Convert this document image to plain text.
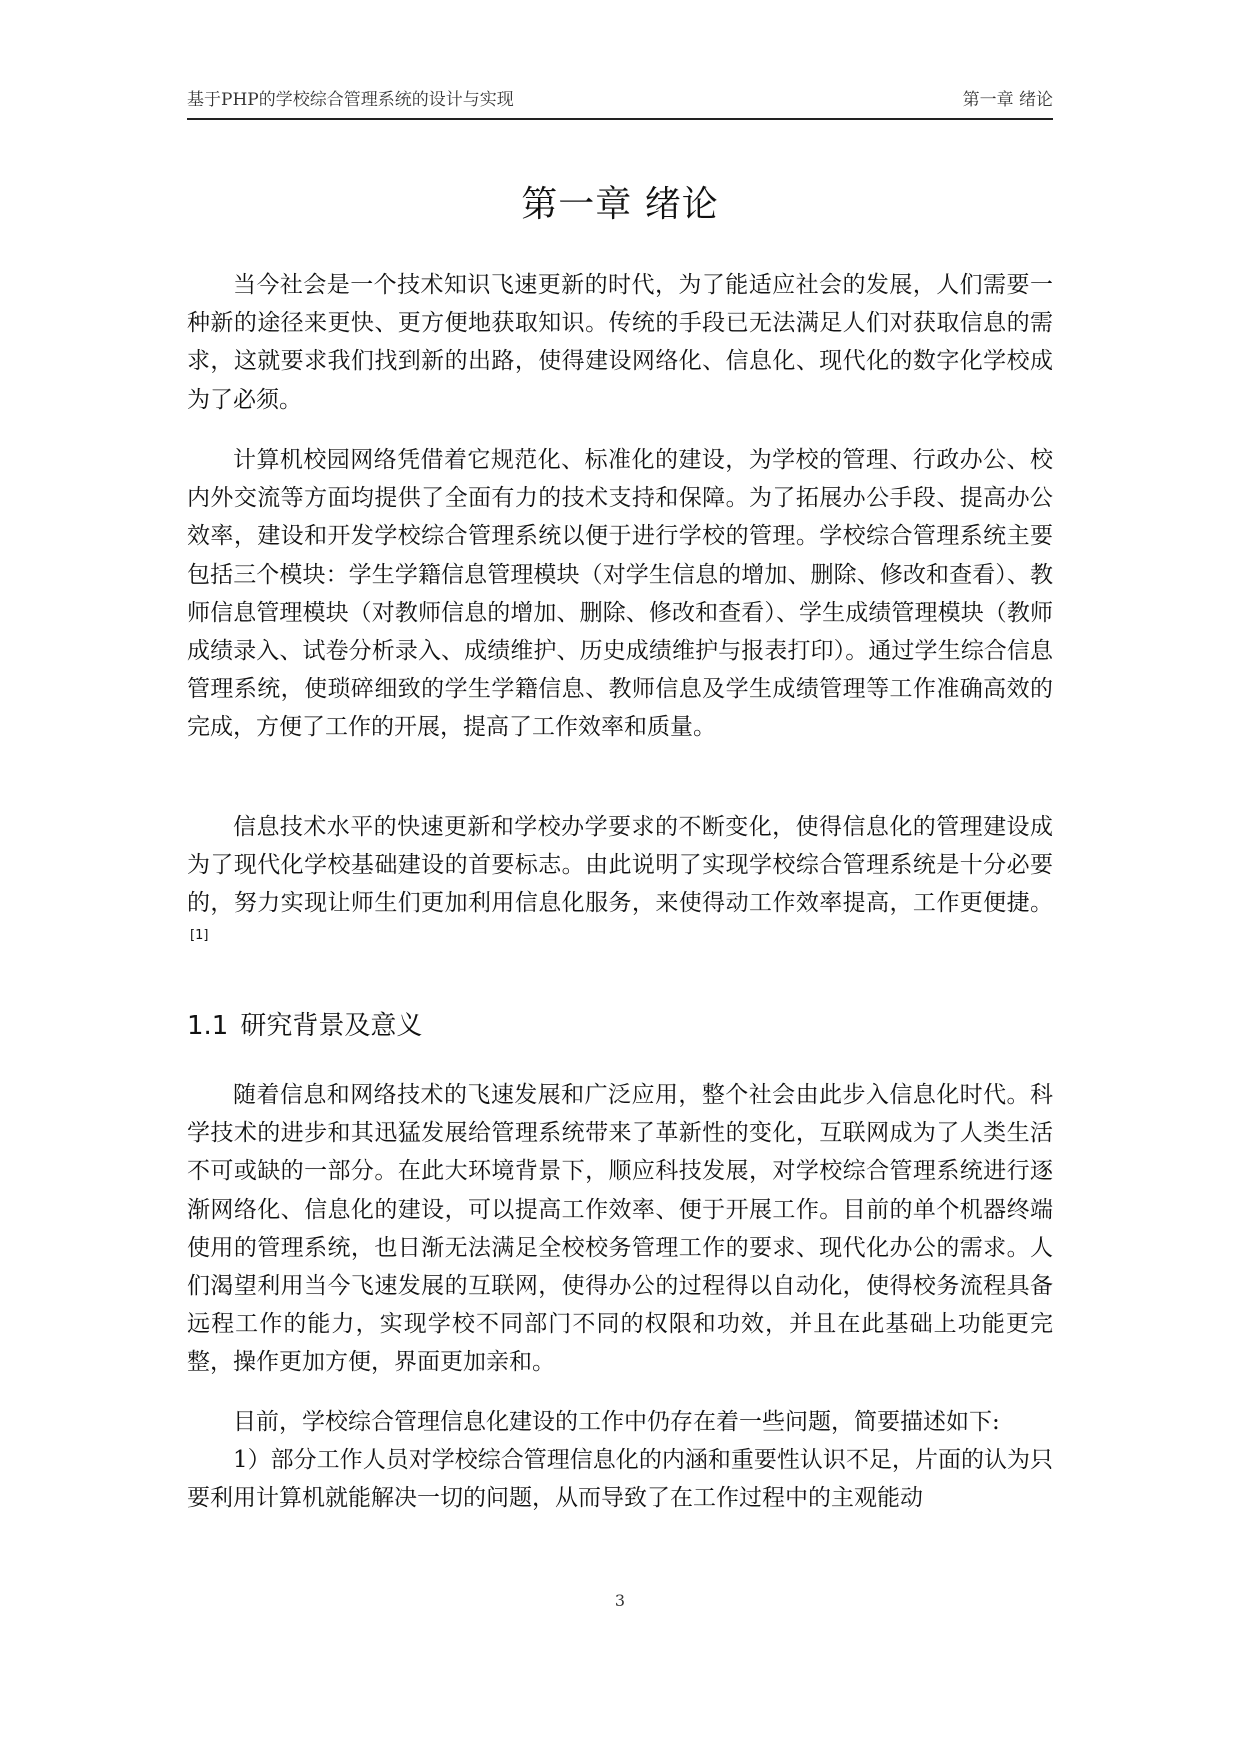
基于PHP的学校综合管理系统的设计与实现	第一章 绪论
第一章 绪论

当今社会是一个技术知识飞速更新的时代，为了能适应社会的发展，人们需要一种新的途径来更快、更方便地获取知识。传统的手段已无法满足人们对获取信息的需求，这就要求我们找到新的出路，使得建设网络化、信息化、现代化的数字化学校成为了必须。

计算机校园网络凭借着它规范化、标准化的建设，为学校的管理、行政办公、校内外交流等方面均提供了全面有力的技术支持和保障。为了拓展办公手段、提高办公效率，建设和开发学校综合管理系统以便于进行学校的管理。学校综合管理系统主要包括三个模块：学生学籍信息管理模块（对学生信息的增加、删除、修改和查看）、教师信息管理模块（对教师信息的增加、删除、修改和查看）、学生成绩管理模块（教师成绩录入、试卷分析录入、成绩维护、历史成绩维护与报表打印）。通过学生综合信息管理系统，使琐碎细致的学生学籍信息、教师信息及学生成绩管理等工作准确高效的完成，方便了工作的开展，提高了工作效率和质量。

信息技术水平的快速更新和学校办学要求的不断变化，使得信息化的管理建设成为了现代化学校基础建设的首要标志。由此说明了实现学校综合管理系统是十分必要的，努力实现让师生们更加利用信息化服务，来使得动工作效率提高，工作更便捷。[1]

1.1 研究背景及意义

随着信息和网络技术的飞速发展和广泛应用，整个社会由此步入信息化时代。科学技术的进步和其迅猛发展给管理系统带来了革新性的变化，互联网成为了人类生活不可或缺的一部分。在此大环境背景下，顺应科技发展，对学校综合管理系统进行逐渐网络化、信息化的建设，可以提高工作效率、便于开展工作。目前的单个机器终端使用的管理系统，也日渐无法满足全校校务管理工作的要求、现代化办公的需求。人们渴望利用当今飞速发展的互联网，使得办公的过程得以自动化，使得校务流程具备远程工作的能力，实现学校不同部门不同的权限和功效，并且在此基础上功能更完整，操作更加方便，界面更加亲和。

目前，学校综合管理信息化建设的工作中仍存在着一些问题，简要描述如下:

1）部分工作人员对学校综合管理信息化的内涵和重要性认识不足，片面的认为只要利用计算机就能解决一切的问题，从而导致了在工作过程中的主观能动

3
